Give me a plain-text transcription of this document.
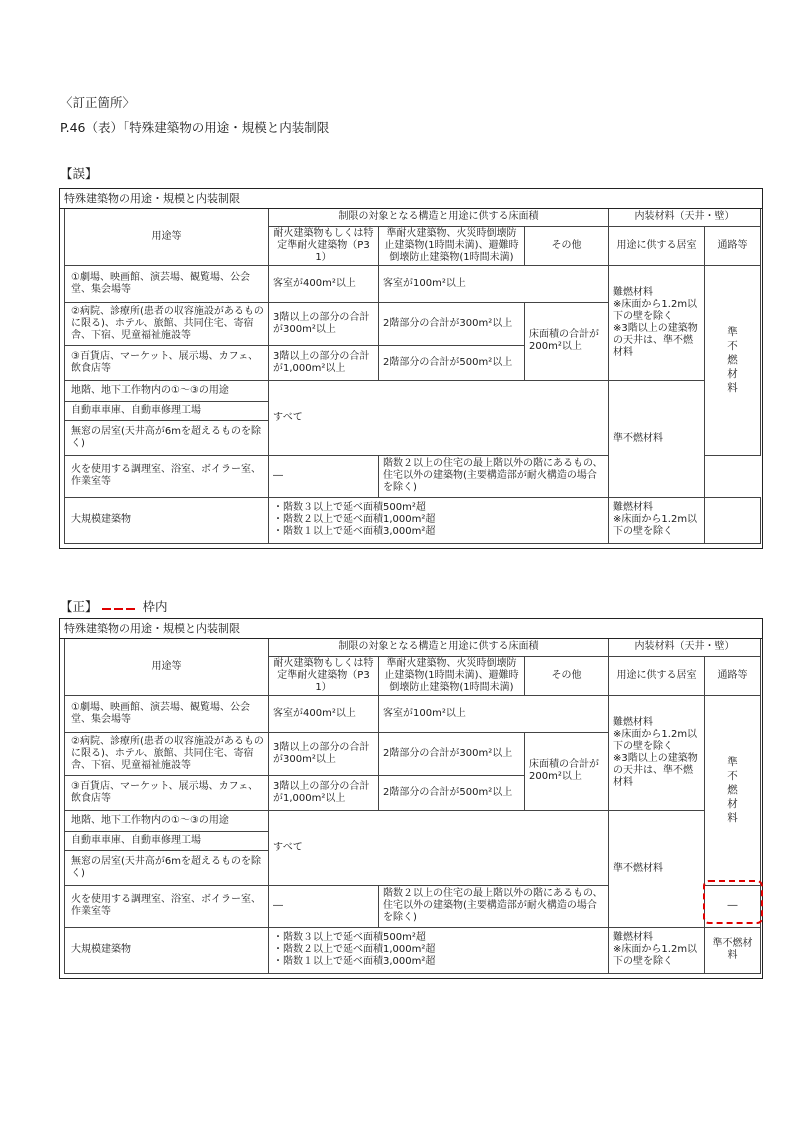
〈訂正箇所〉
P.46（表）「特殊建築物の用途・規模と内装制限
【誤】
特殊建築物の用途・規模と内装制限
用途等	制限の対象となる構造と用途に供する床面積			内装材料（天井・壁）	
	耐火建築物もしくは特定準耐火建築物（P31）	準耐火建築物、火災時倒壊防止建築物(1時間未満)、避難時倒壊防止建築物(1時間未満)	その他	用途に供する居室	通路等
①劇場、映画館、演芸場、観覧場、公会堂、集会場等	客室が400m²以上	客室が100m²以上		難燃材料
※床面から1.2m以下の壁を除く
※3階以上の建築物の天井は、準不燃材料	準不燃材料
②病院、診療所(患者の収容施設があるものに限る)、ホテル、旅館、共同住宅、寄宿舎、下宿、児童福祉施設等	3階以上の部分の合計が300m²以上	2階部分の合計が300m²以上	床面積の合計が200m²以上		
③百貨店、マーケット、展示場、カフェ、飲食店等	3階以上の部分の合計が1,000m²以上	2階部分の合計が500m²以上			
地階、地下工作物内の①～③の用途	すべて			準不燃材料	
自動車車庫、自動車修理工場					
無窓の居室(天井高が6mを超えるものを除く)					
火を使用する調理室、浴室、ボイラー室、作業室等	―	階数２以上の住宅の最上階以外の階にあるもの、住宅以外の建築物(主要構造部が耐火構造の場合を除く)			
大規模建築物	・階数３以上で延べ面積500m²超
・階数２以上で延べ面積1,000m²超
・階数１以上で延べ面積3,000m²超			難燃材料
※床面から1.2m以下の壁を除く	
【正】	枠内
特殊建築物の用途・規模と内装制限
用途等	制限の対象となる構造と用途に供する床面積			内装材料（天井・壁）	
	耐火建築物もしくは特定準耐火建築物（P31）	準耐火建築物、火災時倒壊防止建築物(1時間未満)、避難時倒壊防止建築物(1時間未満)	その他	用途に供する居室	通路等
①劇場、映画館、演芸場、観覧場、公会堂、集会場等	客室が400m²以上	客室が100m²以上		難燃材料
※床面から1.2m以下の壁を除く
※3階以上の建築物の天井は、準不燃材料	準不燃材料
②病院、診療所(患者の収容施設があるものに限る)、ホテル、旅館、共同住宅、寄宿舎、下宿、児童福祉施設等	3階以上の部分の合計が300m²以上	2階部分の合計が300m²以上	床面積の合計が200m²以上		
③百貨店、マーケット、展示場、カフェ、飲食店等	3階以上の部分の合計が1,000m²以上	2階部分の合計が500m²以上			
地階、地下工作物内の①～③の用途	すべて			準不燃材料	
自動車車庫、自動車修理工場					
無窓の居室(天井高が6mを超えるものを除く)					
火を使用する調理室、浴室、ボイラー室、作業室等	―	階数２以上の住宅の最上階以外の階にあるもの、住宅以外の建築物(主要構造部が耐火構造の場合を除く)			―
大規模建築物	・階数３以上で延べ面積500m²超
・階数２以上で延べ面積1,000m²超
・階数１以上で延べ面積3,000m²超			難燃材料
※床面から1.2m以下の壁を除く	準不燃材料
